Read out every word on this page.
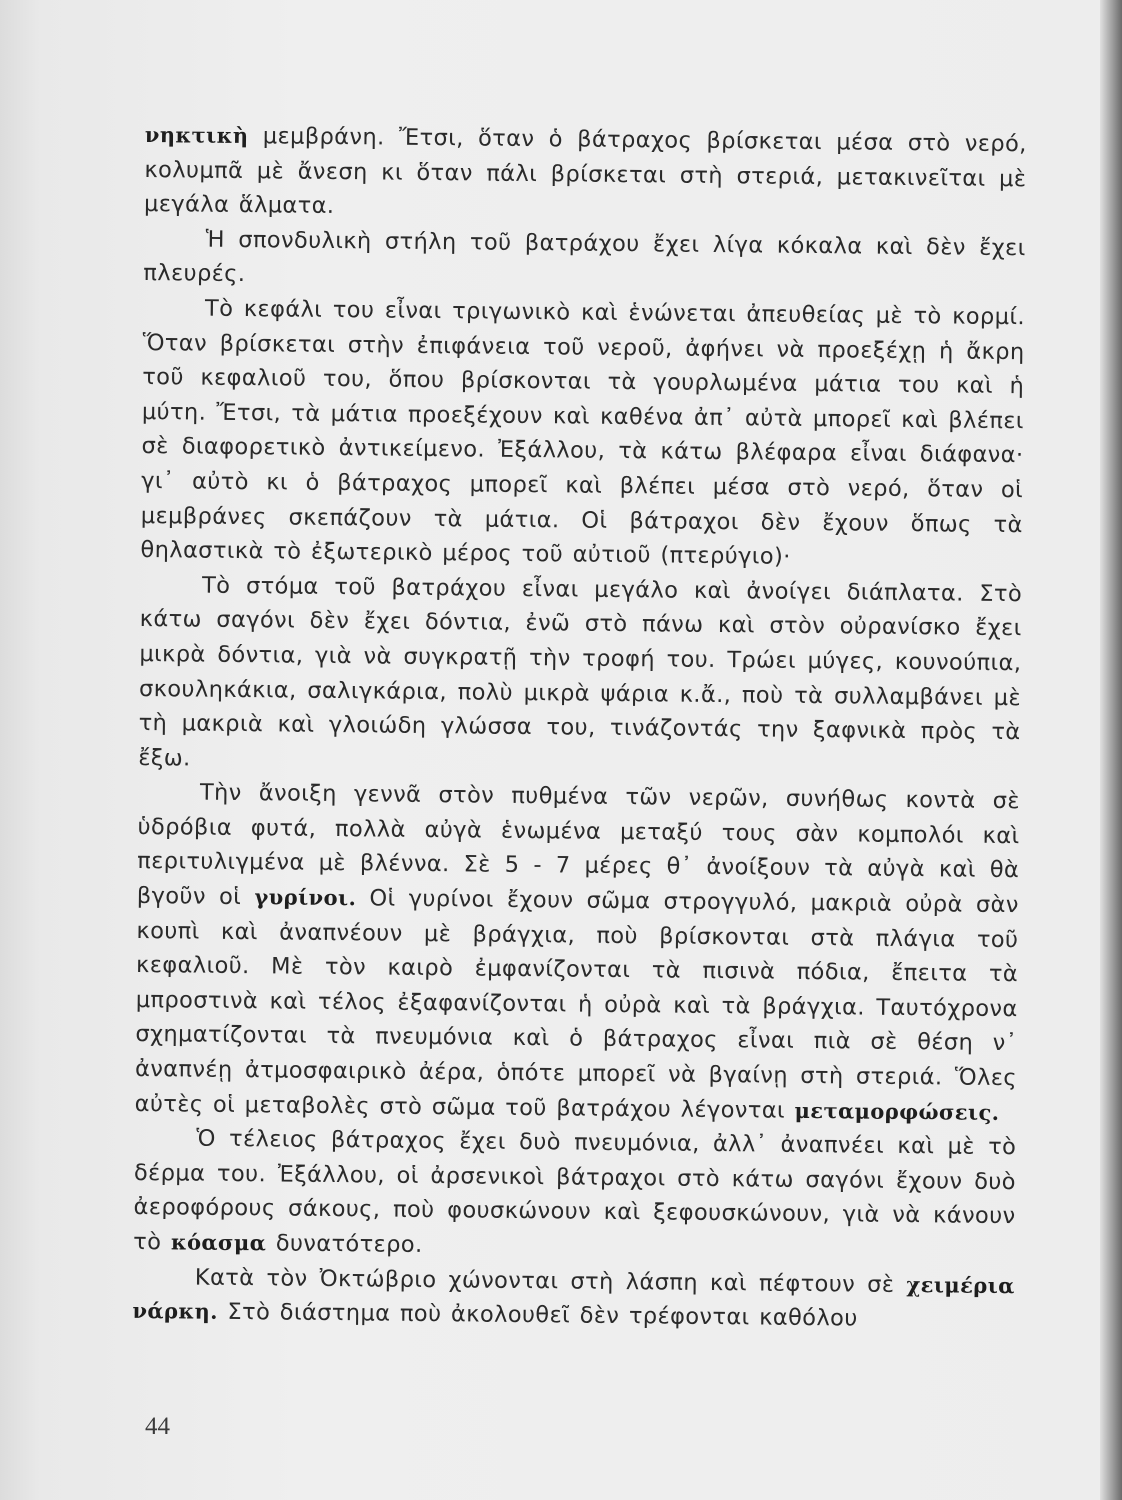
νηκτικὴ μεμβράνη. Ἔτσι, ὅταν ὁ βάτραχος βρίσκεται μέσα στὸ νερό, κολυμπᾶ μὲ ἄνεση κι ὅταν πάλι βρίσκεται στὴ στεριά, μετακινεῖται μὲ μεγάλα ἅλματα.

Ἡ σπονδυλικὴ στήλη τοῦ βατράχου ἔχει λίγα κόκαλα καὶ δὲν ἔχει πλευρές.

Τὸ κεφάλι του εἶναι τριγωνικὸ καὶ ἑνώνεται ἀπευθείας μὲ τὸ κορμί. Ὅταν βρίσκεται στὴν ἐπιφάνεια τοῦ νεροῦ, ἀφήνει νὰ προεξέχῃ ἡ ἄκρη τοῦ κεφαλιοῦ του, ὅπου βρίσκονται τὰ γουρλωμένα μάτια του καὶ ἡ μύτη. Ἔτσι, τὰ μάτια προεξέχουν καὶ καθένα ἀπ᾿ αὐτὰ μπορεῖ καὶ βλέπει σὲ διαφορετικὸ ἀντικείμενο. Ἐξάλλου, τὰ κάτω βλέφαρα εἶναι διάφανα· γι᾿ αὐτὸ κι ὁ βάτραχος μπορεῖ καὶ βλέπει μέσα στὸ νερό, ὅταν οἱ μεμβράνες σκεπάζουν τὰ μάτια. Οἱ βάτραχοι δὲν ἔχουν ὅπως τὰ θηλαστικὰ τὸ ἐξωτερικὸ μέρος τοῦ αὐτιοῦ (πτερύγιο)·

Τὸ στόμα τοῦ βατράχου εἶναι μεγάλο καὶ ἀνοίγει διάπλατα. Στὸ κάτω σαγόνι δὲν ἔχει δόντια, ἐνῶ στὸ πάνω καὶ στὸν οὐρανίσκο ἔχει μικρὰ δόντια, γιὰ νὰ συγκρατῇ τὴν τροφή του. Τρώει μύγες, κουνούπια, σκουληκάκια, σαλιγκάρια, πολὺ μικρὰ ψάρια κ.ἄ., ποὺ τὰ συλλαμβάνει μὲ τὴ μακριὰ καὶ γλοιώδη γλώσσα του, τινάζοντάς την ξαφνικὰ πρὸς τὰ ἔξω.

Τὴν ἄνοιξη γεννᾶ στὸν πυθμένα τῶν νερῶν, συνήθως κοντὰ σὲ ὑδρόβια φυτά, πολλὰ αὐγὰ ἑνωμένα μεταξύ τους σὰν κομπολόι καὶ περιτυλιγμένα μὲ βλέννα. Σὲ 5 - 7 μέρες θ᾿ ἀνοίξουν τὰ αὐγὰ καὶ θὰ βγοῦν οἱ γυρίνοι. Οἱ γυρίνοι ἔχουν σῶμα στρογγυλό, μακριὰ οὐρὰ σὰν κουπὶ καὶ ἀναπνέουν μὲ βράγχια, ποὺ βρίσκονται στὰ πλάγια τοῦ κεφαλιοῦ. Μὲ τὸν καιρὸ ἐμφανίζονται τὰ πισινὰ πόδια, ἔπειτα τὰ μπροστινὰ καὶ τέλος ἐξαφανίζονται ἡ οὐρὰ καὶ τὰ βράγχια. Ταυτόχρονα σχηματίζονται τὰ πνευμόνια καὶ ὁ βάτραχος εἶναι πιὰ σὲ θέση ν᾿ ἀναπνέῃ ἀτμοσφαιρικὸ ἀέρα, ὁπότε μπορεῖ νὰ βγαίνῃ στὴ στεριά. Ὅλες αὐτὲς οἱ μεταβολὲς στὸ σῶμα τοῦ βατράχου λέγονται μεταμορφώσεις.

Ὁ τέλειος βάτραχος ἔχει δυὸ πνευμόνια, ἀλλ᾿ ἀναπνέει καὶ μὲ τὸ δέρμα του. Ἐξάλλου, οἱ ἀρσενικοὶ βάτραχοι στὸ κάτω σαγόνι ἔχουν δυὸ ἀεροφόρους σάκους, ποὺ φουσκώνουν καὶ ξεφουσκώνουν, γιὰ νὰ κάνουν τὸ κόασμα δυνατότερο.

Κατὰ τὸν Ὀκτώβριο χώνονται στὴ λάσπη καὶ πέφτουν σὲ χειμέρια νάρκη. Στὸ διάστημα ποὺ ἀκολουθεῖ δὲν τρέφονται καθόλου

44
